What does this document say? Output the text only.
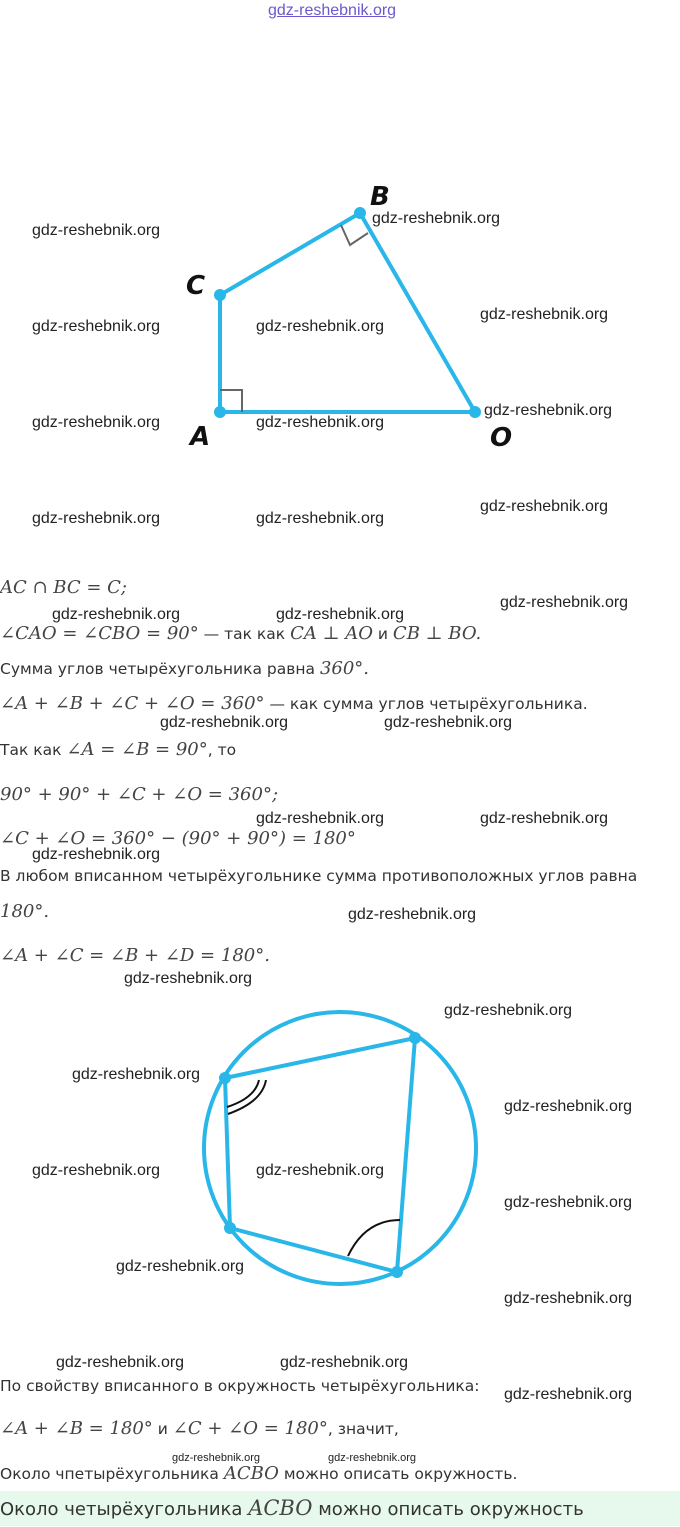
gdz-reshebnik.org
A
C
B
O
AC ∩ BC = C;
∠CAO = ∠CBO = 90° — так как CA ⊥ AO и CB ⊥ BO.
Сумма углов четырёхугольника равна 360°.
∠A + ∠B + ∠C + ∠O = 360° — как сумма углов четырёхугольника.
Так как ∠A = ∠B = 90°, то
90° + 90° + ∠C + ∠O = 360°;
∠C + ∠O = 360° − (90° + 90°) = 180°
В любом вписанном четырёхугольнике сумма противоположных углов равна
180°.
∠A + ∠C = ∠B + ∠D = 180°.
По свойству вписанного в окружность четырёхугольника:
∠A + ∠B = 180° и ∠C + ∠O = 180°, значит,
Около чпетырёхугольника ACBO можно описать окружность.
Около четырёхугольника ACBO можно описать окружность
gdz-reshebnik.org
gdz-reshebnik.org
gdz-reshebnik.org	gdz-reshebnik.org
gdz-reshebnik.org
gdz-reshebnik.org	gdz-reshebnik.org
gdz-reshebnik.org
gdz-reshebnik.org	gdz-reshebnik.org
gdz-reshebnik.org
gdz-reshebnik.org	gdz-reshebnik.org
gdz-reshebnik.org
gdz-reshebnik.org	gdz-reshebnik.org
gdz-reshebnik.org	gdz-reshebnik.org
gdz-reshebnik.org
gdz-reshebnik.org
gdz-reshebnik.org
gdz-reshebnik.org
gdz-reshebnik.org
gdz-reshebnik.org
gdz-reshebnik.org	gdz-reshebnik.org
gdz-reshebnik.org
gdz-reshebnik.org
gdz-reshebnik.org
gdz-reshebnik.org	gdz-reshebnik.org
gdz-reshebnik.org
gdz-reshebnik.org	gdz-reshebnik.org
